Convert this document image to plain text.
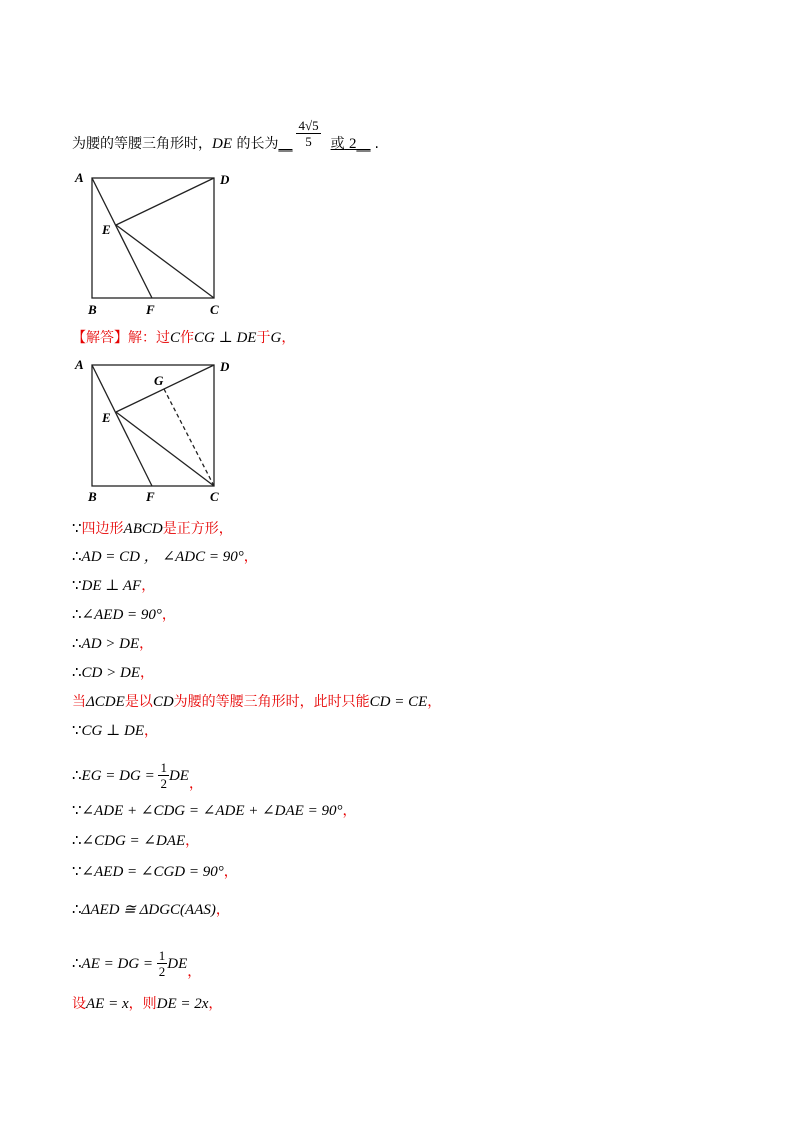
为腰的等腰三角形时，DE 的长为__ $\frac{4√5}{5}$ 或 2__ .
A	D
E
B	F	C
【解答】解：过C作CG ⊥ DE于G，
A
G
D
E
B	F	C
∵四边形ABCD是正方形，
∴AD = CD ， ∠ADC = 90°，
∵DE ⊥ AF，
∴∠AED = 90°，
∴AD > DE，
∴CD > DE，
当ΔCDE是以CD为腰的等腰三角形时，此时只能CD = CE，
∵CG ⊥ DE，
∴EG = DG = $\frac{1}{2}$ DE，
∵∠ADE + ∠CDG = ∠ADE + ∠DAE = 90°，
∴∠CDG = ∠DAE，
∵∠AED = ∠CGD = 90°，
∴ΔAED ≅ ΔDGC(AAS)，
∴AE = DG = $\frac{1}{2}$ DE，
设AE = x，则DE = 2x，
